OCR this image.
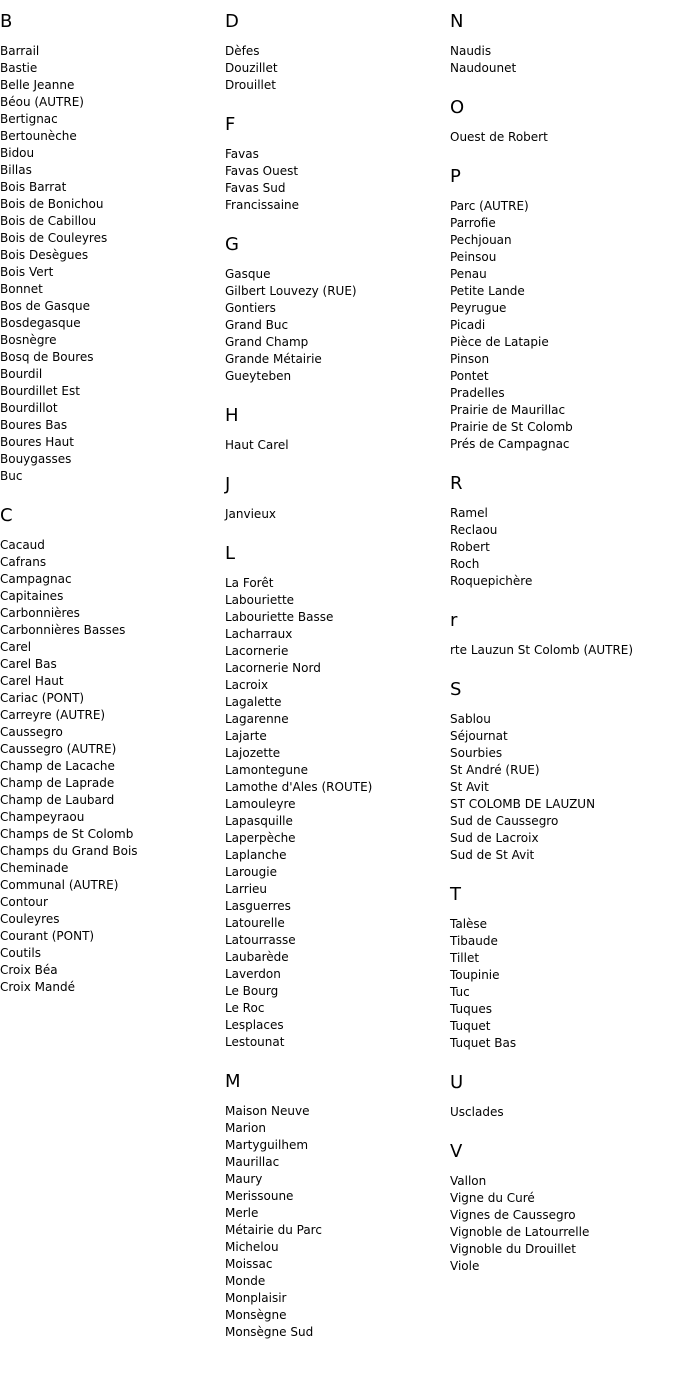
B
Barrail
Bastie
Belle Jeanne
Béou (AUTRE)
Bertignac
Bertounèche
Bidou
Billas
Bois Barrat
Bois de Bonichou
Bois de Cabillou
Bois de Couleyres
Bois Desègues
Bois Vert
Bonnet
Bos de Gasque
Bosdegasque
Bosnègre
Bosq de Boures
Bourdil
Bourdillet Est
Bourdillot
Boures Bas
Boures Haut
Bouygasses
Buc
C
Cacaud
Cafrans
Campagnac
Capitaines
Carbonnières
Carbonnières Basses
Carel
Carel Bas
Carel Haut
Cariac (PONT)
Carreyre (AUTRE)
Caussegro
Caussegro (AUTRE)
Champ de Lacache
Champ de Laprade
Champ de Laubard
Champeyraou
Champs de St Colomb
Champs du Grand Bois
Cheminade
Communal (AUTRE)
Contour
Couleyres
Courant (PONT)
Coutils
Croix Béa
Croix Mandé
D
Dèfes
Douzillet
Drouillet
F
Favas
Favas Ouest
Favas Sud
Francissaine
G
Gasque
Gilbert Louvezy (RUE)
Gontiers
Grand Buc
Grand Champ
Grande Métairie
Gueyteben
H
Haut Carel
J
Janvieux
L
La Forêt
Labouriette
Labouriette Basse
Lacharraux
Lacornerie
Lacornerie Nord
Lacroix
Lagalette
Lagarenne
Lajarte
Lajozette
Lamontegune
Lamothe d'Ales (ROUTE)
Lamouleyre
Lapasquille
Laperpèche
Laplanche
Larougie
Larrieu
Lasguerres
Latourelle
Latourrasse
Laubarède
Laverdon
Le Bourg
Le Roc
Lesplaces
Lestounat
M
Maison Neuve
Marion
Martyguilhem
Maurillac
Maury
Merissoune
Merle
Métairie du Parc
Michelou
Moissac
Monde
Monplaisir
Monsègne
Monsègne Sud
N
Naudis
Naudounet
O
Ouest de Robert
P
Parc (AUTRE)
Parrofie
Pechjouan
Peinsou
Penau
Petite Lande
Peyrugue
Picadi
Pièce de Latapie
Pinson
Pontet
Pradelles
Prairie de Maurillac
Prairie de St Colomb
Prés de Campagnac
R
Ramel
Reclaou
Robert
Roch
Roquepichère
r
rte Lauzun St Colomb (AUTRE)
S
Sablou
Séjournat
Sourbies
St André (RUE)
St Avit
ST COLOMB DE LAUZUN
Sud de Caussegro
Sud de Lacroix
Sud de St Avit
T
Talèse
Tibaude
Tillet
Toupinie
Tuc
Tuques
Tuquet
Tuquet Bas
U
Usclades
V
Vallon
Vigne du Curé
Vignes de Caussegro
Vignoble de Latourrelle
Vignoble du Drouillet
Viole
